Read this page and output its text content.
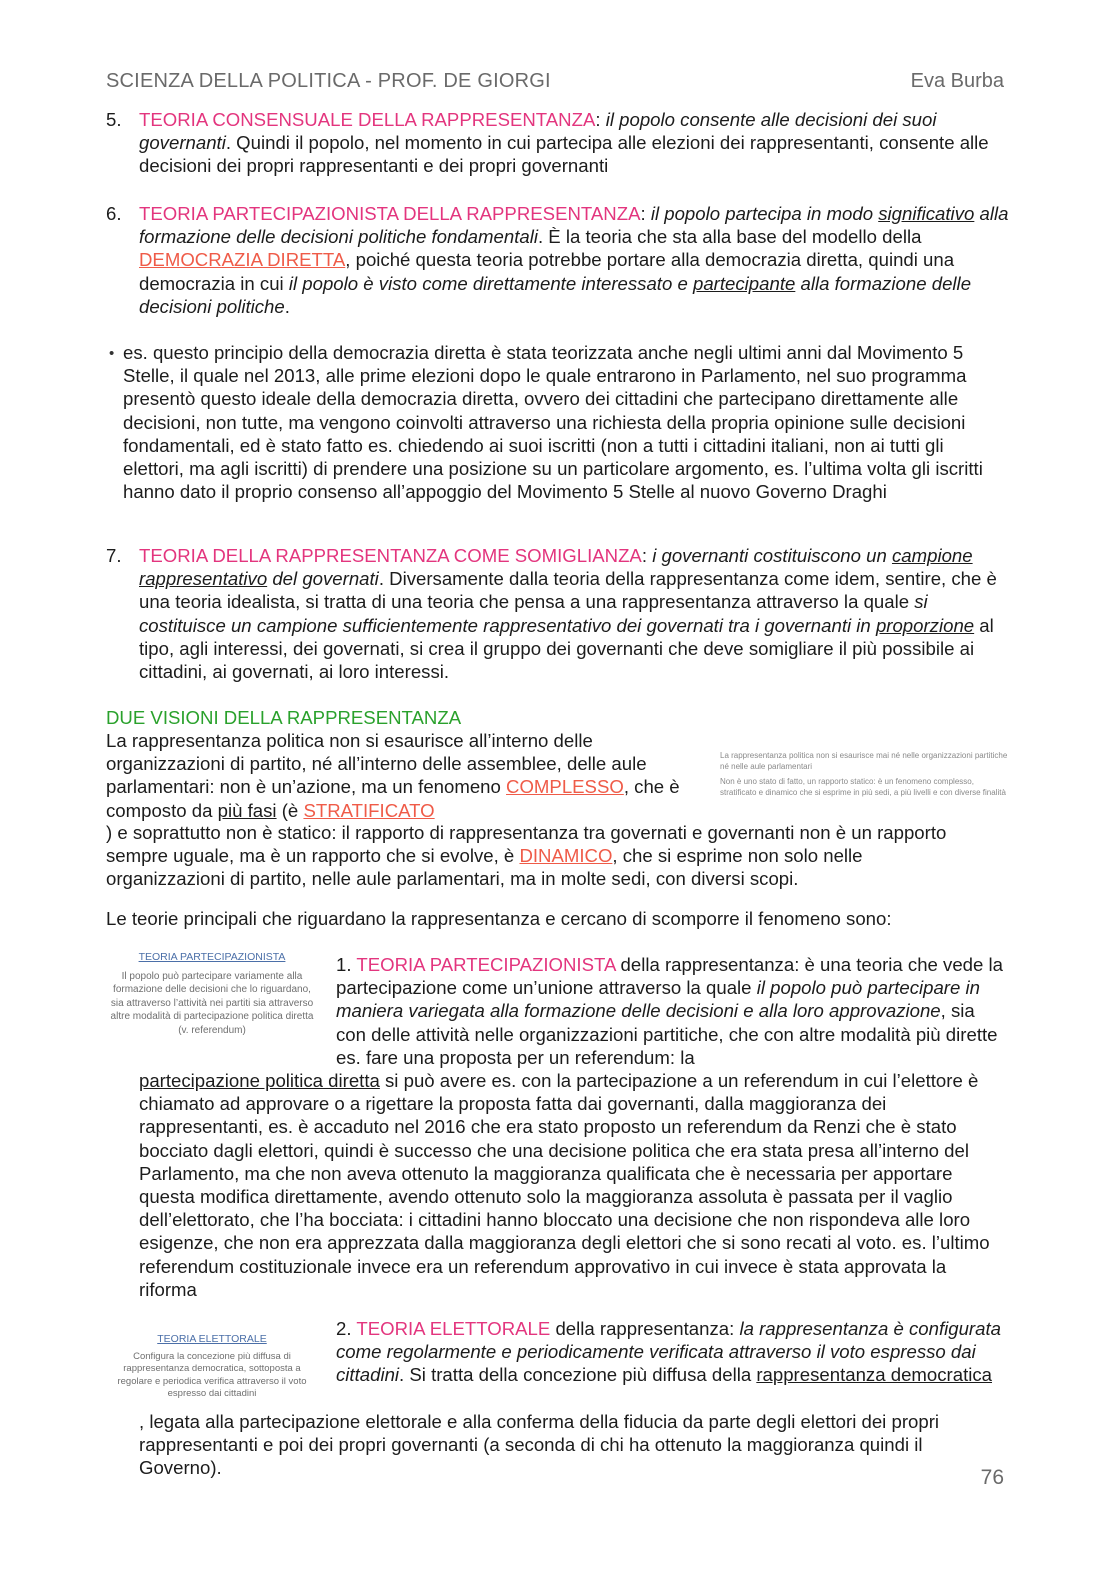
SCIENZA DELLA POLITICA - PROF. DE GIORGI	Eva Burba
5. TEORIA CONSENSUALE DELLA RAPPRESENTANZA: il popolo consente alle decisioni dei suoi governanti. Quindi il popolo, nel momento in cui partecipa alle elezioni dei rappresentanti, consente alle decisioni dei propri rappresentanti e dei propri governanti

6. TEORIA PARTECIPAZIONISTA DELLA RAPPRESENTANZA: il popolo partecipa in modo significativo alla formazione delle decisioni politiche fondamentali. È la teoria che sta alla base del modello della DEMOCRAZIA DIRETTA, poiché questa teoria potrebbe portare alla democrazia diretta, quindi una democrazia in cui il popolo è visto come direttamente interessato e partecipante alla formazione delle decisioni politiche.

• es. questo principio della democrazia diretta è stata teorizzata anche negli ultimi anni dal Movimento 5 Stelle, il quale nel 2013, alle prime elezioni dopo le quale entrarono in Parlamento, nel suo programma presentò questo ideale della democrazia diretta, ovvero dei cittadini che partecipano direttamente alle decisioni, non tutte, ma vengono coinvolti attraverso una richiesta della propria opinione sulle decisioni fondamentali, ed è stato fatto es. chiedendo ai suoi iscritti (non a tutti i cittadini italiani, non ai tutti gli elettori, ma agli iscritti) di prendere una posizione su un particolare argomento, es. l’ultima volta gli iscritti hanno dato il proprio consenso all’appoggio del Movimento 5 Stelle al nuovo Governo Draghi

7. TEORIA DELLA RAPPRESENTANZA COME SOMIGLIANZA: i governanti costituiscono un campione rappresentativo del governati. Diversamente dalla teoria della rappresentanza come idem, sentire, che è una teoria idealista, si tratta di una teoria che pensa a una rappresentanza attraverso la quale si costituisce un campione sufficientemente rappresentativo dei governati tra i governanti in proporzione al tipo, agli interessi, dei governati, si crea il gruppo dei governanti che deve somigliare il più possibile ai cittadini, ai governati, ai loro interessi.

DUE VISIONI DELLA RAPPRESENTANZA
La rappresentanza politica non si esaurisce mai né nelle organizzazioni partitiche né nelle aule parlamentari
Non è uno stato di fatto, un rapporto statico: è un fenomeno complesso, stratificato e dinamico che si esprime in più sedi, a più livelli e con diverse finalità

La rappresentanza politica non si esaurisce all’interno delle organizzazioni di partito, né all’interno delle assemblee, delle aule parlamentari: non è un’azione, ma un fenomeno COMPLESSO, che è composto da più fasi (è STRATIFICATO

) e soprattutto non è statico: il rapporto di rappresentanza tra governati e governanti non è un rapporto sempre uguale, ma è un rapporto che si evolve, è DINAMICO, che si esprime non solo nelle organizzazioni di partito, nelle aule parlamentari, ma in molte sedi, con diversi scopi.

Le teorie principali che riguardano la rappresentanza e cercano di scomporre il fenomeno sono:

TEORIA PARTECIPAZIONISTA
Il popolo può partecipare variamente alla formazione delle decisioni che lo riguardano, sia attraverso l’attività nei partiti sia attraverso altre modalità di partecipazione politica diretta (v. referendum)

1. TEORIA PARTECIPAZIONISTA della rappresentanza: è una teoria che vede la partecipazione come un’unione attraverso la quale il popolo può partecipare in maniera variegata alla formazione delle decisioni e alla loro approvazione, sia con delle attività nelle organizzazioni partitiche, che con altre modalità più dirette es. fare una proposta per un referendum: la

partecipazione politica diretta si può avere es. con la partecipazione a un referendum in cui l’elettore è chiamato ad approvare o a rigettare la proposta fatta dai governanti, dalla maggioranza dei rappresentanti, es. è accaduto nel 2016 che era stato proposto un referendum da Renzi che è stato bocciato dagli elettori, quindi è successo che una decisione politica che era stata presa all’interno del Parlamento, ma che non aveva ottenuto la maggioranza qualificata che è necessaria per apportare questa modifica direttamente, avendo ottenuto solo la maggioranza assoluta è passata per il vaglio dell’elettorato, che l’ha bocciata: i cittadini hanno bloccato una decisione che non rispondeva alle loro esigenze, che non era apprezzata dalla maggioranza degli elettori che si sono recati al voto. es. l’ultimo referendum costituzionale invece era un referendum approvativo in cui invece è stata approvata la riforma

TEORIA ELETTORALE
Configura la concezione più diffusa di rappresentanza democratica, sottoposta a regolare e periodica verifica attraverso il voto espresso dai cittadini

2. TEORIA ELETTORALE della rappresentanza: la rappresentanza è configurata come regolarmente e periodicamente verificata attraverso il voto espresso dai cittadini. Si tratta della concezione più diffusa della rappresentanza democratica

, legata alla partecipazione elettorale e alla conferma della fiducia da parte degli elettori dei propri rappresentanti e poi dei propri governanti (a seconda di chi ha ottenuto la maggioranza quindi il Governo).	76
